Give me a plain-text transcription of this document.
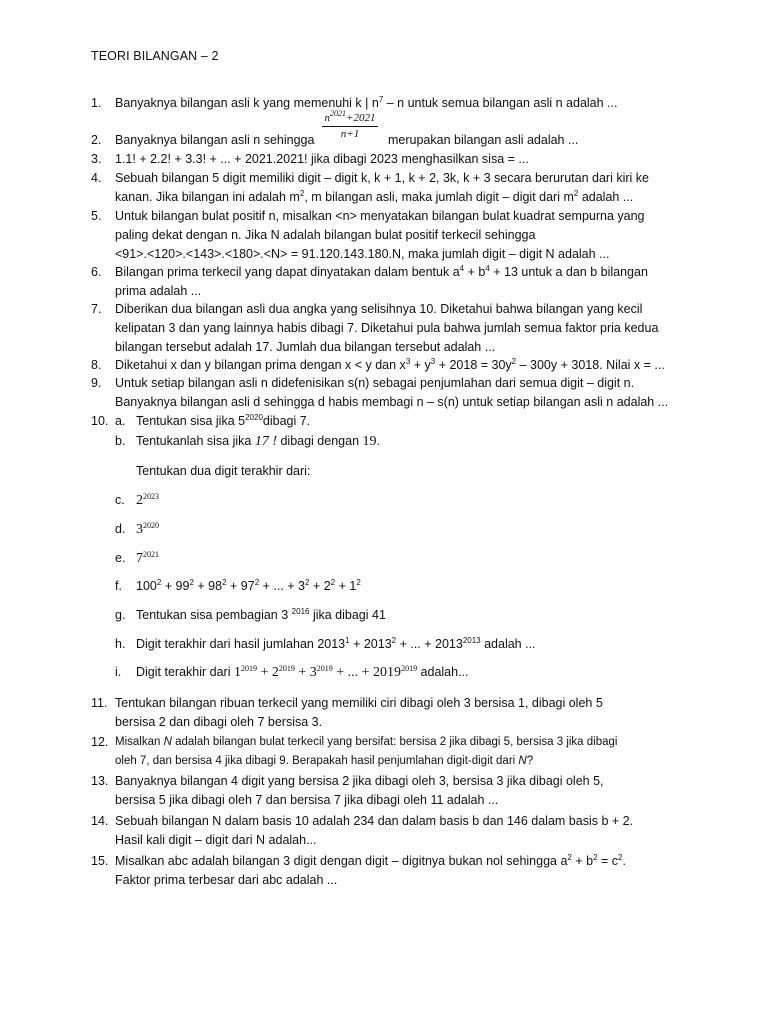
TEORI BILANGAN – 2
1. Banyaknya bilangan asli k yang memenuhi k | $n^7$ – n untuk semua bilangan asli n adalah ...
$n^{2021}+2021$
n+1
2. Banyaknya bilangan asli n sehingga	merupakan bilangan asli adalah ...
3. 1.1! + 2.2! + 3.3! + ... + 2021.2021! jika dibagi 2023 menghasilkan sisa = ...
4. Sebuah bilangan 5 digit memiliki digit – digit k, k + 1, k + 2, 3k, k + 3 secara berurutan dari kiri ke
kanan. Jika bilangan ini adalah $m^2$, m bilangan asli, maka jumlah digit – digit dari $m^2$ adalah ...
5. Untuk bilangan bulat positif n, misalkan <n> menyatakan bilangan bulat kuadrat sempurna yang
paling dekat dengan n. Jika N adalah bilangan bulat positif terkecil sehingga
<91>.<120>.<143>.<180>.<N> = 91.120.143.180.N, maka jumlah digit – digit N adalah ...
6. Bilangan prima terkecil yang dapat dinyatakan dalam bentuk $a^4 + b^4 + 13$ untuk a dan b bilangan
prima adalah ...
7. Diberikan dua bilangan asli dua angka yang selisihnya 10. Diketahui bahwa bilangan yang kecil
kelipatan 3 dan yang lainnya habis dibagi 7. Diketahui pula bahwa jumlah semua faktor pria kedua
bilangan tersebut adalah 17. Jumlah dua bilangan tersebut adalah ...
8. Diketahui x dan y bilangan prima dengan x < y dan $x^3 + y^3 + 2018 = 30y^2 - 300y + 3018$. Nilai x = ...
9. Untuk setiap bilangan asli n didefenisikan s(n) sebagai penjumlahan dari semua digit – digit n.
Banyaknya bilangan asli d sehingga d habis membagi n – s(n) untuk setiap bilangan asli n adalah ...
10. a. Tentukan sisa jika $5^{2020}dibagi$ 7.
b. Tentukanlah sisa jika 17 ! dibagi dengan 19.
Tentukan dua digit terakhir dari:
c. $2^{2023}$
d. $3^{2020}$
e. $7^{2021}$
f. $100^2 + 99^2 + 98^2 + 97^2$ + ... + $3^2 + 2^2 + 1^2$
g. Tentukan sisa pembagian 3 $^{2016}$ jika dibagi 41
h. Digit terakhir dari hasil jumlahan $2013^1 + 2013^2$ + ... + $2013^{2013}$ adalah ...
i. Digit terakhir dari $1^{2019} + 2^{2019} + 3^{2019}$ + ... + $2019^{2019}$ adalah...
11. Tentukan bilangan ribuan terkecil yang memiliki ciri dibagi oleh 3 bersisa 1, dibagi oleh 5
bersisa 2 dan dibagi oleh 7 bersisa 3.
12. Misalkan N adalah bilangan bulat terkecil yang bersifat: bersisa 2 jika dibagi 5, bersisa 3 jika dibagi
oleh 7, dan bersisa 4 jika dibagi 9. Berapakah hasil penjumlahan digit-digit dari N?
13. Banyaknya bilangan 4 digit yang bersisa 2 jika dibagi oleh 3, bersisa 3 jika dibagi oleh 5,
bersisa 5 jika dibagi oleh 7 dan bersisa 7 jika dibagi oleh 11 adalah ...
14. Sebuah bilangan N dalam basis 10 adalah 234 dan dalam basis b dan 146 dalam basis b + 2.
Hasil kali digit – digit dari N adalah...
15. Misalkan abc adalah bilangan 3 digit dengan digit – digitnya bukan nol sehingga $a^2 + b^2 = c^2$.
Faktor prima terbesar dari abc adalah ...
